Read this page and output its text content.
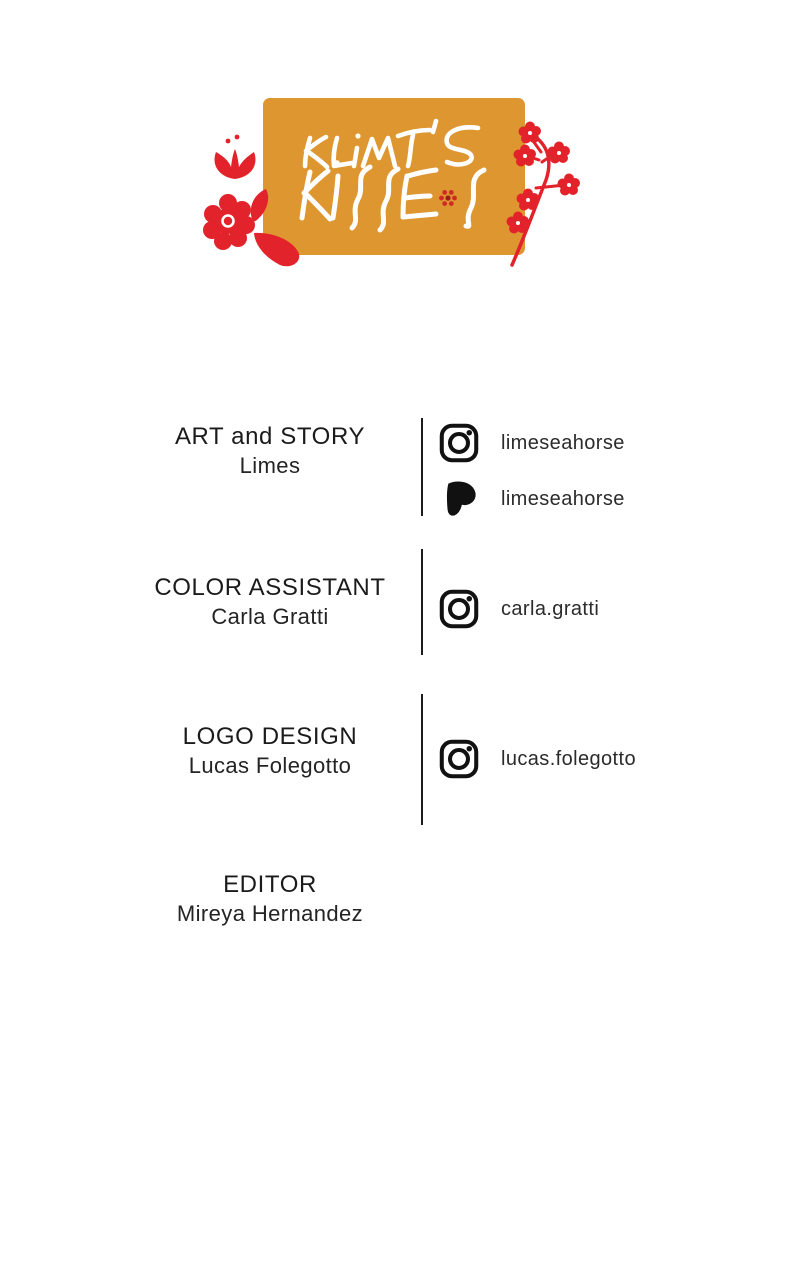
ART and STORY
Limes
limeseahorse
limeseahorse
COLOR ASSISTANT
Carla Gratti	carla.gratti
LOGO DESIGN
Lucas Folegotto	lucas.folegotto
EDITOR
Mireya Hernandez
